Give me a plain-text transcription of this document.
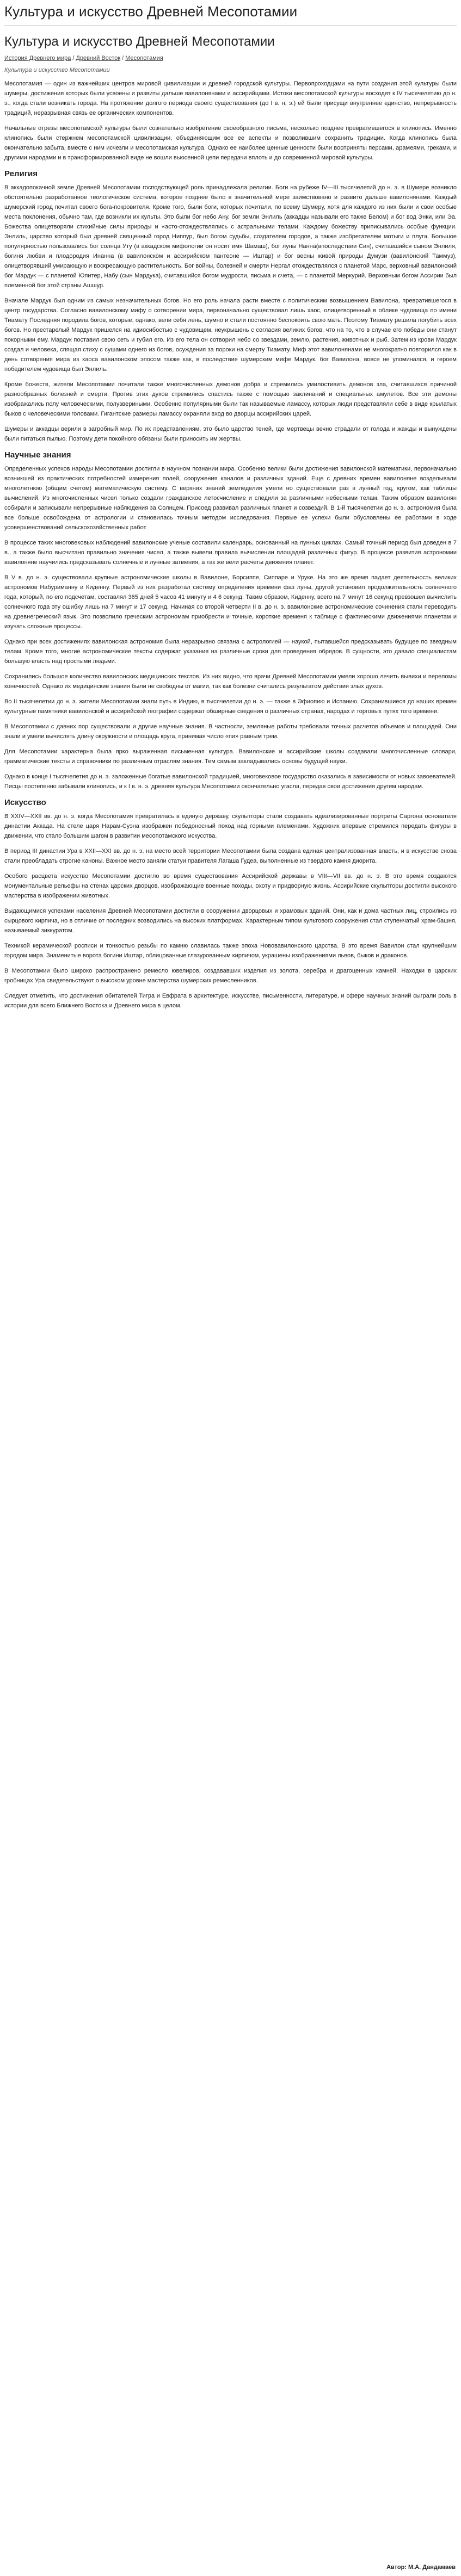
Культура и искусство Древней Месопотамии
Культура и искусство Древней Месопотамии
История Древнего мира / Древний Восток / Месопотамия
Культура и искусство Месопотамии

Месопотамия — один из важнейших центров мировой цивилизации и древней городской культуры. Первопроходцами на пути создания этой культуры были шумеры, достижения которых были усвоены и развиты дальше вавилонянами и ассирийцами. Истоки месопотамской культуры восходят к IV тысячелетию до н. э., когда стали возникать города. На протяжении долгого периода своего существования (до I в. н. э.) ей были присущи внутреннее единство, непрерывность традиций, неразрывная связь ее органических компонентов.

Начальные отрезы месопотамской культуры были сознательно изобретение своеобразного письма, несколько позднее превратившегося в клинопись. Именно клинопись были стержнем месопотамской цивилизации, объединяющим все ее аспекты и позволившим сохранить традиции. Когда клинопись была окончательно забыта, вместе с ним исчезли и месопотамская культура. Однако ее наиболее ценные ценности были восприняты персами, арамеями, греками, и другими народами и в трансформированной виде не вошли вьюсенной цепи передачи вплоть и до современной мировой культуры.

Религия

В аккадопокачной земле Древней Месопотамии господствующей роль принадлежала религии. Боги на рубеже IV—III тысячелетий до н. э. в Шумере возникло обстоятельно разработанное теологическое система, которое позднее было в значительной мере заимствовано и развито дальше вавилонянами. Каждый шумерский город почитал своего бога-покровителя. Кроме того, были боги, которых почитали, по всему Шумеру, хотя для каждого из них были и свои особые места поклонения, обычно там, где возникли их культы. Это были бог небо Ану, бог земли Энлиль (аккадцы называли его также Белом) и бог вод Энки, или Эа. Божества олицетворяли стихийные силы природы и «асто-отождествлялись с астральными телами. Каждому божеству приписывались особые функции. Энлиль, царство который был древней священный город Ниппур, был богом судьбы, создателем городов, а также изобретателем мотыги и плуга. Большое популярностью пользовались бог солнца Уту (в аккадском мифологии он носит имя Шамаш), бог луны Нанна(впоследствии Син), считавшийся сыном Энлиля, богиня любви и плодородия Инанна (в вавилонском и ассирийском пантеоне — Иштар) и бог весны живой природы Думузи (вавилонский Таммуз), олицетворявший умирающую и воскресающую растительность. Бог войны, болезней и смерти Нергал отождествлялся с планетой Марс, верховный вавилонский бог Мардук — с планетой Юпитер, Набу (сын Мардука), считавшийся богом мудрости, письма и счета, — с планетой Меркурий. Верховным богом Ассирии был племенной бог этой страны Ашшур.

Вначале Мардук был одним из самых незначительных богов. Но его роль начала расти вместе с политическим возвышением Вавилона, превратившегося в центр государства. Согласно вавилонскому мифу о сотворении мира, первоначальнo существовал лишь хаос, олицетворенный в облике чудовища по имени Тиамату Последняя породила богов, которые, однако, вели себя лень, шумно и стали постоянно беспокоить свою мать. Поэтому Тиамату решила погубить всех богов. Но престарелый Мардук пришелся на идиосибостью с чудовищем. неукрышень с согласия великих богов, что на то, что в случае его победы они станут покорными ему. Мардук поставил свою сеть и губил его. Из его тела он сотворил небо со звездами, землю, растения, животных и рыб. Затем из крови Мардук создал и человека, спящая стиху с сушами однего из богов, осуждения за пороки на смерту Тиамату. Миф этот вавилонянами не многократно повторился как в день сотворения мира из хаоса вавилонском эпосом также как, в последствие шумерским мифе Мардук. бог Вавилона, вовсе не упоминался, и героем победителем чудовища был Энлиль.

Кроме божеств, жители Месопотамии почитали также многочисленных демонов добра и стремились умилостивить демонов зла, считавшихся причиной разнообразных болезней и смерти. Против этих духов стремились спастись также с помощью заклинаний и специальных амулетов. Все эти демоны изображались полу человеческими, полузвериными. Особенно популярными были так называемые ламассу, которых люди представляли себе в виде крылатых быков с человеческими головами. Гигантские размеры ламассу охраняли вход во дворцы ассирийских царей.

Шумеры и аккадцы верили в загробный мир. По их представлениям, это было царство теней, где мертвецы вечно страдали от голода и жажды и вынуждены были питаться пылью. Поэтому дети покойного обязаны были приносить им жертвы.

Научные знания

Определенных успехов народы Месопотамии достигли в научном познании мира. Особенно велики были достижения вавилонской математики, первоначально возникшей из практических потребностей измерения полей, сооружения каналов и различных зданий. Еще с древних времен вавилоняне возделывали многолетнюю (общим счетом) математическую систему. С верхних знаний земледелия умели но существовали раз в лунный год, кругом, как таблицы вычислений. Из многочисленных чисел только создали гражданское летосчисление и следили за различными небесными телам. Таким образом вавилонян собирали и записывали непрерывные наблюдения за Солнцем. Присоед развивал различных планет и созвездий. В 1-й тысячелетии до н. э. астрономия была все больше освобождена от астрологии и становилась точным методом исследования. Первые ее успехи были обусловлены ее работами в ходе усовершенствований сельскохозяйственных работ.

В процессе таких многовековых наблюдений вавилонские ученые составили календарь, основанный на лунных циклах. Самый точный период был доведен в 7 в., а также было высчитано правильно значения чисел, а также вывели правила вычислении площадей различных фигур. В процессе развития астрономии вавилоняне научились предсказывать солнечные и лунные затмения, а так же вели расчеты движения планет.

В V в. до н. э. существовали крупные астрономические школы в Вавилоне, Борсиппе, Сиппаре и Уруке. На это же время падает деятельность великих астрономов Набуриманну и Киденну. Первый из них разработал систему определения времени фаз луны, другой установил продолжительность солнечного года, который, по его подсчетам, составлял 365 дней 5 часов 41 минуту и 4 6 секунд. Таким образом, Киденну, всего на 7 минут 16 секунд превзошел вычислить солнечного года эту ошибку лишь на 7 минут и 17 секунд. Начиная со второй четверти II в. до н. э. вавилонские астрономические сочинения стали переводить на древнегреческий язык. Это позволило греческим астрономам приобрести и точные, короткие временя к таблице с фактическими движениями планетам и изучать сложные процессы.

Однако при всех достижениях вавилонская астрономия была неразрывно связана с астрологией — наукой, пытавшейся предсказывать будущее по звездным телам. Кроме того, многие астрономические тексты содержат указания на различные сроки для проведения обрядов. В сущности, это давало специалистам большую власть над простыми людьми.

Сохранились большое количество вавилонских медицинских текстов. Из них видно, что врачи Древней Месопотамии умели хорошо лечить вывихи и переломы конечностей. Однако их медицинские знания были не свободны от магии, так как болезни считались результатом действия злых духов.

Во II тысячелетии до н. э. жители Месопотамии знали путь в Индию, в тысячелетии до н. э. — также в Эфиопию и Испанию. Сохранившиеся до наших времен культурные памятники вавилонской и ассирийской географии содержат обширные сведения о различных странах, народах и торговых путях того времени.

В Месопотамии с давних пор существовали и другие научные знания. В частности, земляные работы требовали точных расчетов объемов и площадей. Они знали и умели вычислять длину окружности и площадь круга, принимая число «пи» равным трем.

Для Месопотамии характерна была ярко выраженная письменная культура. Вавилонские и ассирийские школы создавали многочисленные словари, грамматические тексты и справочники по различным отраслям знания. Тем самым закладывались основы будущей науки.

Однако в конце I тысячелетия до н. э. заложенные богатые вавилонской традицией, многовековое государство оказались в зависимости от новых завоевателей. Писцы постепенно забывали клинопись, и к I в. н. э. древняя культура Месопотамии окончательно угасла, передав свои достижения другим народам.

Искусство

В XXIV—XXII вв. до н. э. когда Месопотамия превратилась в единую державу, скульпторы стали создавать идеализированные портреты Саргона основателя династии Аккада. На стеле царя Нарам-Суэна изображен победоносный поход над горными племенами. Художник впервые стремился передать фигуры в движении, что стало большим шагом в развитии месопотамского искусства.

В период III династии Ура в XXII—XXI вв. до н. э. на место всей территории Месопотамии была создана единая централизованная власть, и в искусстве снова стали преобладать строгие каноны. Важное место заняли статуи правителя Лагаша Гудеа, выполненные из твердого камня диорита.

Особого расцвета искусство Месопотамии достигло во время существования Ассирийской державы в VIII—VII вв. до н. э. В это время создаются монументальные рельефы на стенах царских дворцов, изображающие военные походы, охоту и придворную жизнь. Ассирийские скульпторы достигли высокого мастерства в изображении животных.

Выдающимися успехами населения Древней Месопотамии достигли в сооружении дворцовых и храмовых зданий. Они, как и дома частных лиц, строились из сырцового кирпича, но в отличие от последних возводились на высоких платформах. Характерным типом культового сооружения стал ступенчатый храм-башня, называемый зиккуратом.

Техникой керамической росписи и тонкостью резьбы по камню славилась также эпоха Нововавилонского царства. В это время Вавилон стал крупнейшим городом мира. Знаменитые ворота богини Иштар, облицованные глазурованным кирпичом, украшены изображениями львов, быков и драконов.

В Месопотамии было широко распространено ремесло ювелиров, создававших изделия из золота, серебра и драгоценных камней. Находки в царских гробницах Ура свидетельствуют о высоком уровне мастерства шумерских ремесленников.

Следует отметить, что достижения обитателей Тигра и Евфрата в архитектуре, искусстве, письменности, литературе, и сфере научных знаний сыграли роль в истории для всего Ближнего Востока и Древнего мира в целом.

Автор: М.А. Дандамаев
